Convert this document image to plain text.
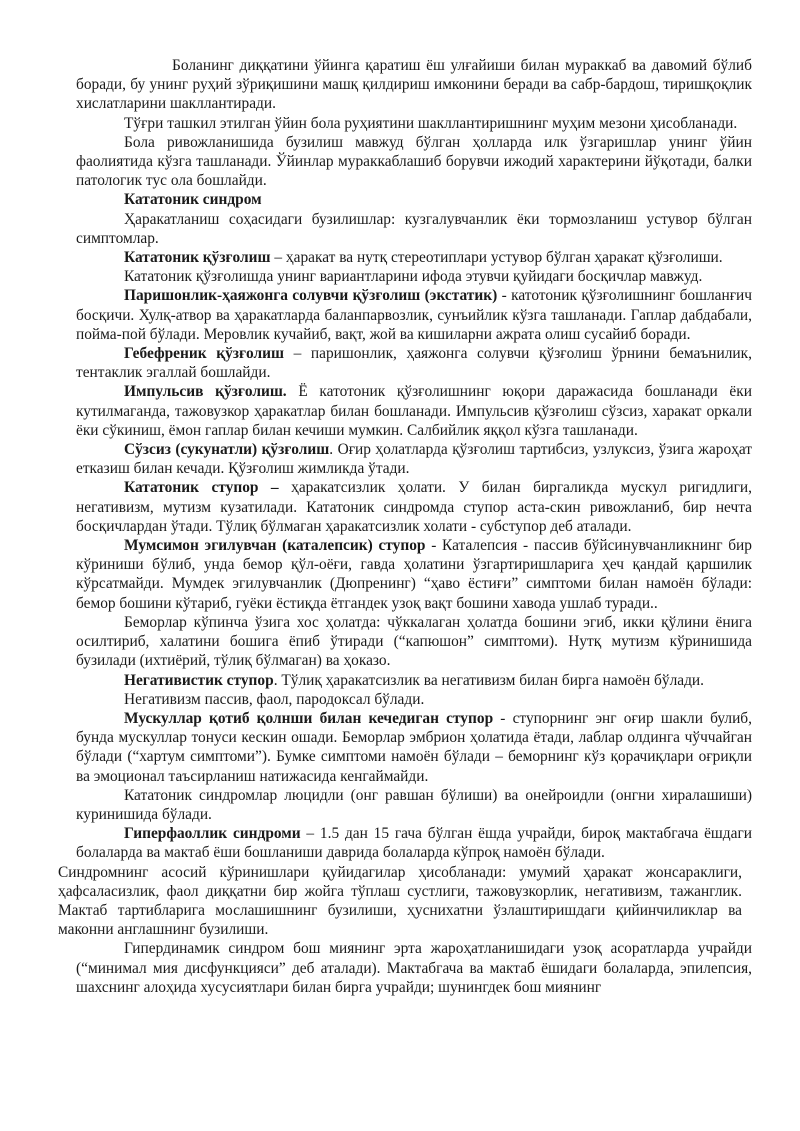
Боланинг диққатини ўйинга қаратиш ёш улғайиши билан мураккаб ва давомий бўлиб боради, бу унинг руҳий зўриқишини машқ қилдириш имконини беради ва сабр-бардош, тиришқоқлик хислатларини шакллантиради.

Тўғри ташкил этилган ўйин бола руҳиятини шакллантиришнинг муҳим мезони ҳисобланади.

Бола ривожланишида бузилиш мавжуд бўлган ҳолларда илк ўзгаришлар унинг ўйин фаолиятида кўзга ташланади. Ўйинлар мураккаблашиб борувчи ижодий характерини йўқотади, балки патологик тус ола бошлайди.

Кататоник синдром

Ҳаракатланиш соҳасидаги бузилишлар: кузгалувчанлик ёки тормозланиш устувор бўлган симптомлар.

Кататоник қўзғолиш – ҳаракат ва нутқ стереотиплари устувор бўлган ҳаракат қўзғолиши.

Кататоник қўзғолишда унинг вариантларини ифода этувчи қуйидаги босқичлар мавжуд.

Паришонлик-ҳаяжонга солувчи қўзғолиш (экстатик) - катотоник қўзғолишнинг бошланғич босқичи. Хулқ-атвор ва ҳаракатларда баланпарвозлик, сунъийлик кўзга ташланади. Гаплар дабдабали, пойма-пой бўлади. Меровлик кучайиб, вақт, жой ва кишиларни ажрата олиш сусайиб боради.

Гебефреник қўзғолиш – паришонлик, ҳаяжонга солувчи қўзғолиш ўрнини бемаънилик, тентаклик эгаллай бошлайди.

Импульсив қўзғолиш. Ё катотоник қўзғолишнинг юқори даражасида бошланади ёки кутилмаганда, тажовузкор ҳаракатлар билан бошланади. Импульсив қўзғолиш сўзсиз, харакат оркали ёки сўкиниш, ёмон гаплар билан кечиши мумкин. Салбийлик яққол кўзга ташланади.

Сўзсиз (сукунатли) қўзғолиш. Оғир ҳолатларда қўзғолиш тартибсиз, узлуксиз, ўзига жароҳат етказиш билан кечади. Қўзғолиш жимликда ўтади.

Кататоник ступор – ҳаракатсизлик ҳолати. У билан биргаликда мускул ригидлиги, негативизм, мутизм кузатилади. Кататоник синдромда ступор аста-скин ривожланиб, бир нечта босқичлардан ўтади. Тўлиқ бўлмаган ҳаракатсизлик холати - субступор деб аталади.

Мумсимон эгилувчан (каталепсик) ступор - Каталепсия - пассив бўйсинувчанликнинг бир кўриниши бўлиб, унда бемор қўл-оёғи, гавда ҳолатини ўзгартиришларига ҳеч қандай қаршилик кўрсатмайди. Мумдек эгилувчанлик (Дюпренинг) “ҳаво ёстиғи” симптоми билан намоён бўлади: бемор бошини кўтариб, гуёки ёстиқда ётгандек узоқ вақт бошини хавода ушлаб туради..

Беморлар кўпинча ўзига хос ҳолатда: чўккалаган ҳолатда бошини эгиб, икки қўлини ёнига осилтириб, халатини бошига ёпиб ўтиради (“капюшон” симптоми). Нутқ мутизм кўринишида бузилади (ихтиёрий, тўлиқ бўлмаган) ва ҳоказо.

Негативистик ступор. Тўлиқ ҳаракатсизлик ва негативизм билан бирга намоён бўлади.

Негативизм пассив, фаол, пародоксал бўлади.

Мускуллар қотиб қолнши билан кечедиган ступор - ступорнинг энг оғир шакли булиб, бунда мускуллар тонуси кескин ошади. Беморлар эмбрион ҳолатида ётади, лаблар олдинга чўччайган бўлади (“хартум симптоми”). Бумке симптоми намоён бўлади – беморнинг кўз қорачиқлари оғриқли ва эмоционал таъсирланиш натижасида кенгаймайди.

Кататоник синдромлар люцидли (онг равшан бўлиши) ва онейроидли (онгни хиралашиши) куринишида бўлади.

Гиперфаоллик синдроми – 1.5 дан 15 гача бўлган ёшда учрайди, бироқ мактабгача ёшдаги болаларда ва мактаб ёши бошланиши даврида болаларда кўпроқ намоён бўлади.

Синдромнинг асосий кўринишлари қуйидагилар ҳисобланади: умумий ҳаракат жонсараклиги, ҳафсаласизлик, фаол диққатни бир жойга тўплаш сустлиги, тажовузкорлик, негативизм, тажанглик. Мактаб тартибларига мослашишнинг бузилиши, ҳуснихатни ўзлаштиришдаги қийинчиликлар ва маконни англашнинг бузилиши.

Гипердинамик синдром бош миянинг эрта жароҳатланишидаги узоқ асоратларда учрайди (“минимал мия дисфункцияси” деб аталади). Мактабгача ва мактаб ёшидаги болаларда, эпилепсия, шахснинг алоҳида хусусиятлари билан бирга учрайди; шунингдек бош миянинг
